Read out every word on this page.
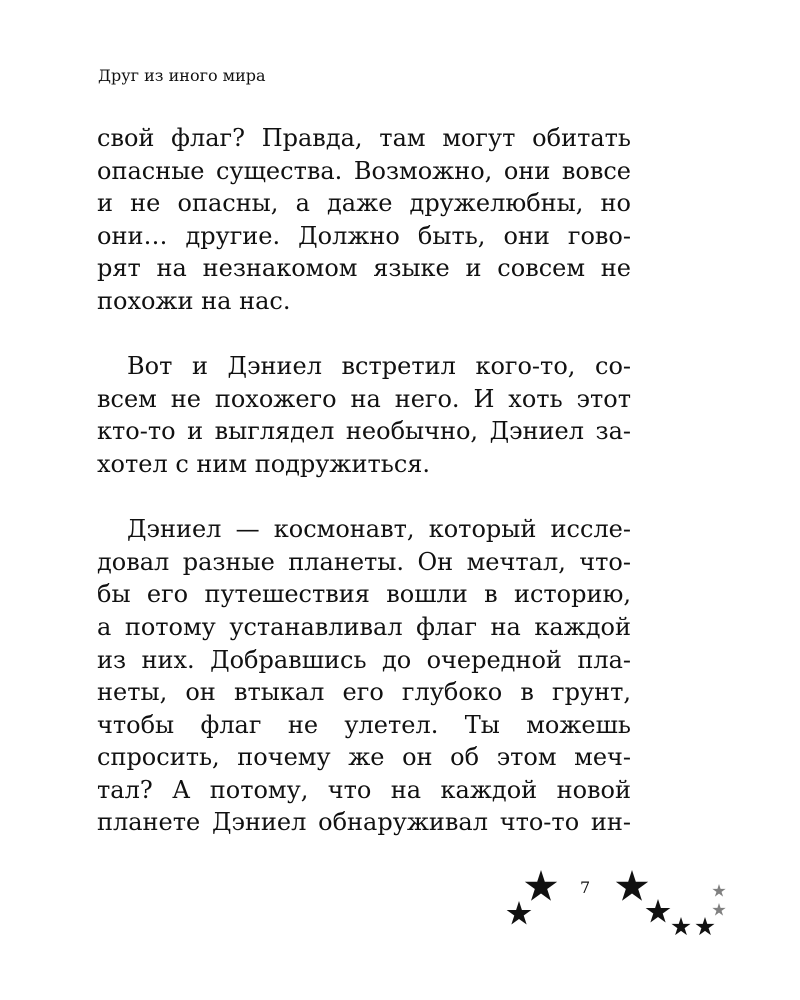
Друг из иного мира
свой флаг? Правда, там могут обитать
опасные существа. Возможно, они вовсе
и не опасны, а даже дружелюбны, но
они… другие. Должно быть, они гово-
рят на незнакомом языке и совсем не
похожи на нас.
Вот и Дэниел встретил кого-то, со-
всем не похожего на него. И хоть этот
кто-то и выглядел необычно, Дэниел за-
хотел с ним подружиться.
Дэниел — космонавт, который иссле-
довал разные планеты. Он мечтал, что-
бы его путешествия вошли в историю,
а потому устанавливал флаг на каждой
из них. Добравшись до очередной пла-
неты, он втыкал его глубоко в грунт,
чтобы флаг не улетел. Ты можешь
спросить, почему же он об этом меч-
тал? А потому, что на каждой новой
планете Дэниел обнаруживал что-то ин-
7
